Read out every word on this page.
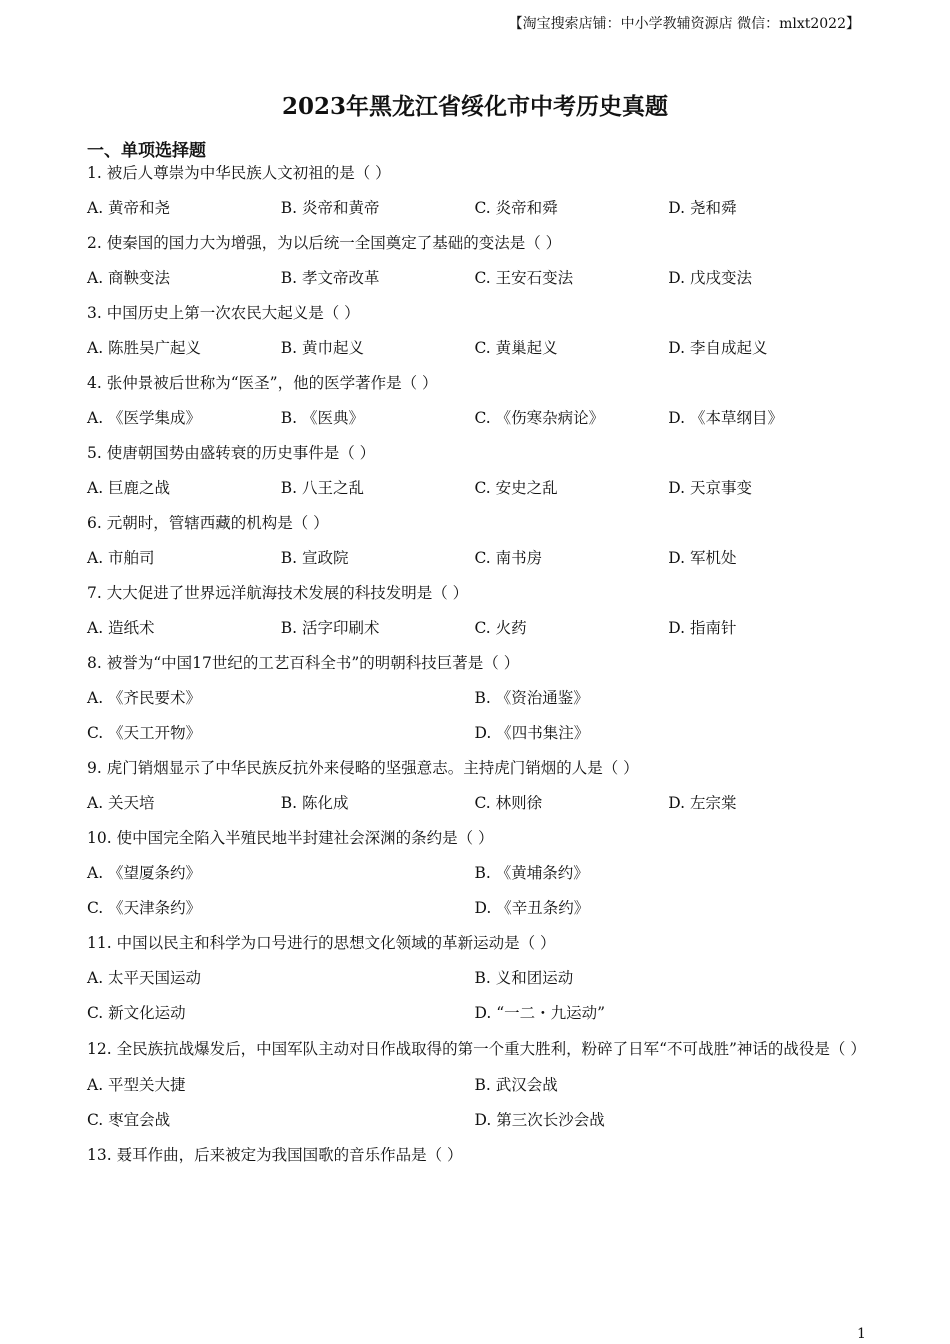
【淘宝搜索店铺：中小学教辅资源店 微信：mlxt2022】
2023年黑龙江省绥化市中考历史真题
一、单项选择题
1. 被后人尊崇为中华民族人文初祖的是（ ）
A. 黄帝和尧	B. 炎帝和黄帝	C. 炎帝和舜	D. 尧和舜
2. 使秦国的国力大为增强，为以后统一全国奠定了基础的变法是（ ）
A. 商鞅变法	B. 孝文帝改革	C. 王安石变法	D. 戊戌变法
3. 中国历史上第一次农民大起义是（ ）
A. 陈胜吴广起义	B. 黄巾起义	C. 黄巢起义	D. 李自成起义
4. 张仲景被后世称为“医圣”，他的医学著作是（ ）
A. 《医学集成》	B. 《医典》	C. 《伤寒杂病论》	D. 《本草纲目》
5. 使唐朝国势由盛转衰的历史事件是（ ）
A. 巨鹿之战	B. 八王之乱	C. 安史之乱	D. 天京事变
6. 元朝时，管辖西藏的机构是（ ）
A. 市舶司	B. 宣政院	C. 南书房	D. 军机处
7. 大大促进了世界远洋航海技术发展的科技发明是（ ）
A. 造纸术	B. 活字印刷术	C. 火药	D. 指南针
8. 被誉为“中国17世纪的工艺百科全书”的明朝科技巨著是（ ）
A. 《齐民要术》	B. 《资治通鉴》
C. 《天工开物》	D. 《四书集注》
9. 虎门销烟显示了中华民族反抗外来侵略的坚强意志。主持虎门销烟的人是（ ）
A. 关天培	B. 陈化成	C. 林则徐	D. 左宗棠
10. 使中国完全陷入半殖民地半封建社会深渊的条约是（ ）
A. 《望厦条约》	B. 《黄埔条约》
C. 《天津条约》	D. 《辛丑条约》
11. 中国以民主和科学为口号进行的思想文化领域的革新运动是（ ）
A. 太平天国运动	B. 义和团运动
C. 新文化运动	D. “一二・九运动”
12. 全民族抗战爆发后，中国军队主动对日作战取得的第一个重大胜利，粉碎了日军“不可战胜”神话的战役是（ ）
A. 平型关大捷	B. 武汉会战
C. 枣宜会战	D. 第三次长沙会战
13. 聂耳作曲，后来被定为我国国歌的音乐作品是（ ）
1
